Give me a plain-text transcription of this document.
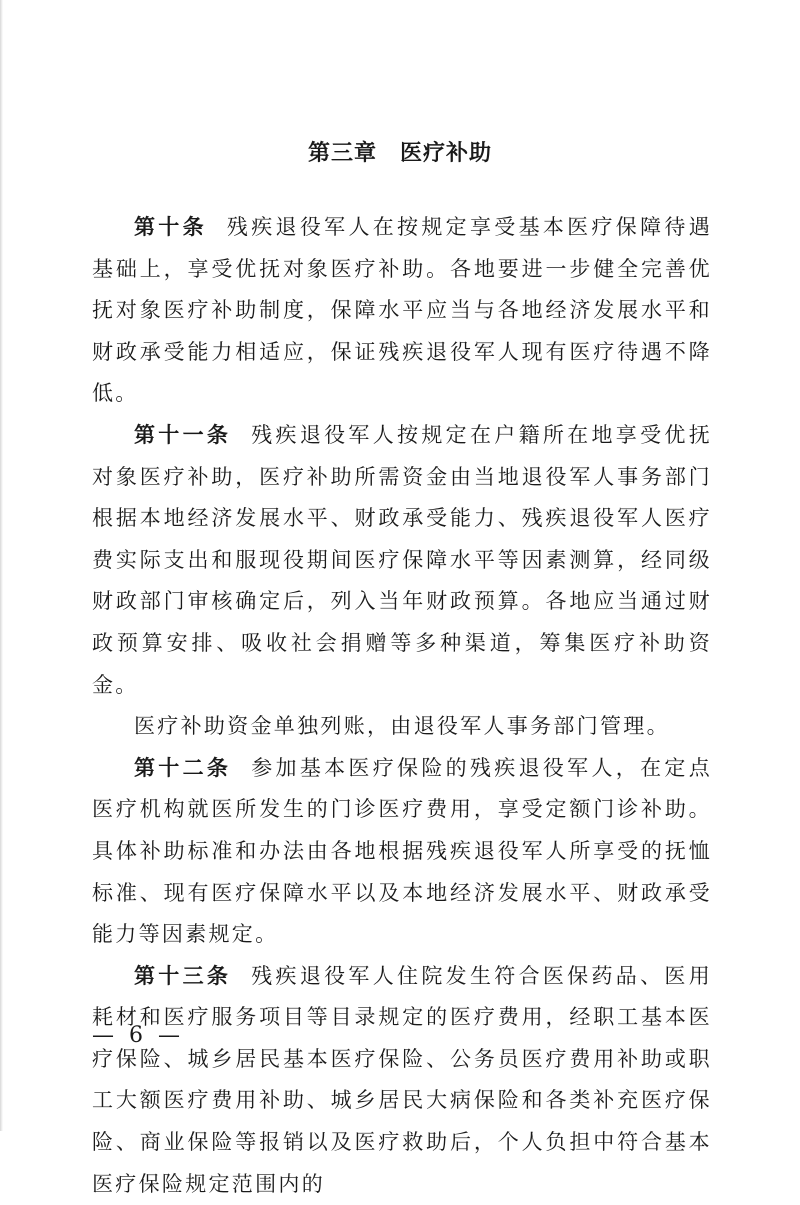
第三章　医疗补助

第十条 残疾退役军人在按规定享受基本医疗保障待遇基础上，享受优抚对象医疗补助。各地要进一步健全完善优抚对象医疗补助制度，保障水平应当与各地经济发展水平和财政承受能力相适应，保证残疾退役军人现有医疗待遇不降低。

第十一条 残疾退役军人按规定在户籍所在地享受优抚对象医疗补助，医疗补助所需资金由当地退役军人事务部门根据本地经济发展水平、财政承受能力、残疾退役军人医疗费实际支出和服现役期间医疗保障水平等因素测算，经同级财政部门审核确定后，列入当年财政预算。各地应当通过财政预算安排、吸收社会捐赠等多种渠道，筹集医疗补助资金。

医疗补助资金单独列账，由退役军人事务部门管理。

第十二条 参加基本医疗保险的残疾退役军人，在定点医疗机构就医所发生的门诊医疗费用，享受定额门诊补助。具体补助标准和办法由各地根据残疾退役军人所享受的抚恤标准、现有医疗保障水平以及本地经济发展水平、财政承受能力等因素规定。

第十三条 残疾退役军人住院发生符合医保药品、医用耗材和医疗服务项目等目录规定的医疗费用，经职工基本医疗保险、城乡居民基本医疗保险、公务员医疗费用补助或职工大额医疗费用补助、城乡居民大病保险和各类补充医疗保险、商业保险等报销以及医疗救助后，个人负担中符合基本医疗保险规定范围内的

— 6 —
